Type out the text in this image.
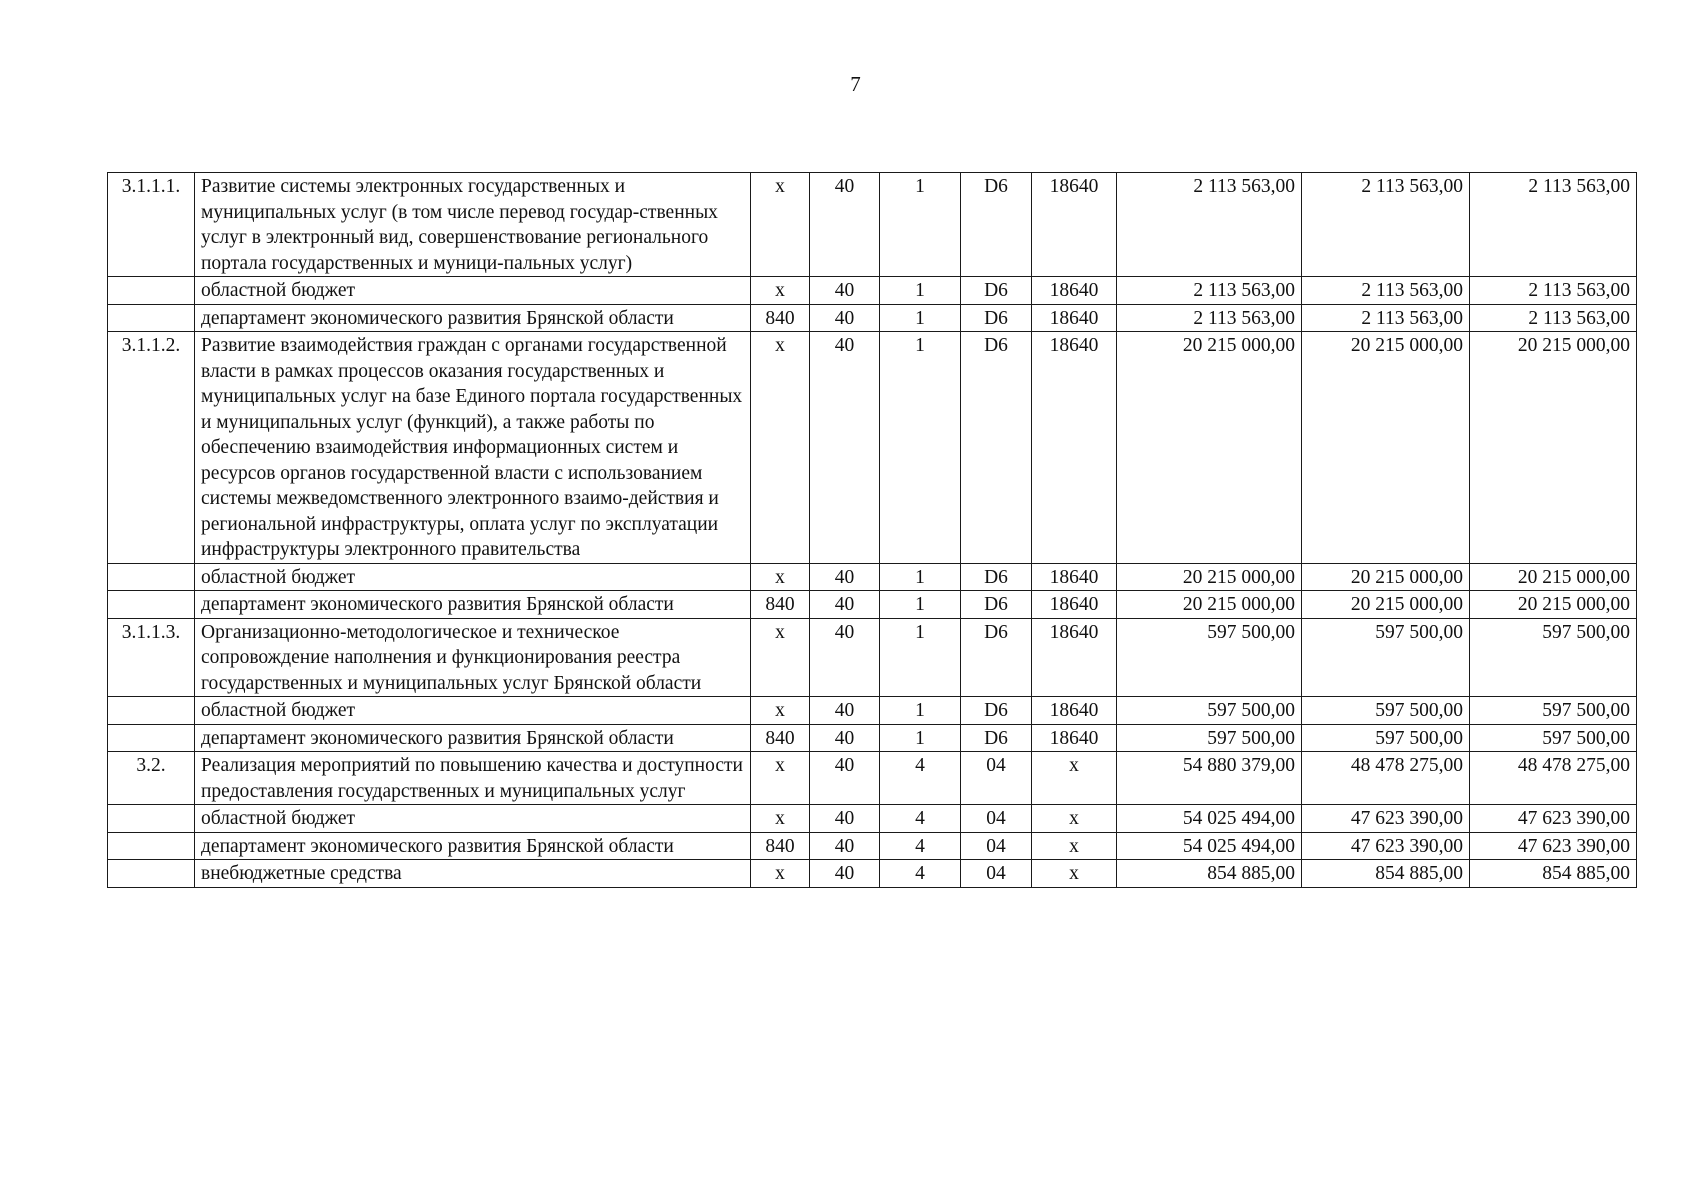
7
3.1.1.1.	Развитие системы электронных государственных и муниципальных услуг (в том числе перевод государ-ственных услуг в электронный вид, совершенствование регионального портала государственных и муници-пальных услуг)	х	40	1	D6	18640	2 113 563,00	2 113 563,00	2 113 563,00
	областной бюджет	х	40	1	D6	18640	2 113 563,00	2 113 563,00	2 113 563,00
	департамент экономического развития Брянской области	840	40	1	D6	18640	2 113 563,00	2 113 563,00	2 113 563,00
3.1.1.2.	Развитие взаимодействия граждан с органами государственной власти в рамках процессов оказания государственных и муниципальных услуг на базе Единого портала государственных и муниципальных услуг (функций), а также работы по обеспечению взаимодействия информационных систем и ресурсов органов государственной власти с использованием системы межведомственного электронного взаимо-действия и региональной инфраструктуры, оплата услуг по эксплуатации инфраструктуры электронного правительства	х	40	1	D6	18640	20 215 000,00	20 215 000,00	20 215 000,00
	областной бюджет	х	40	1	D6	18640	20 215 000,00	20 215 000,00	20 215 000,00
	департамент экономического развития Брянской области	840	40	1	D6	18640	20 215 000,00	20 215 000,00	20 215 000,00
3.1.1.3.	Организационно-методологическое и техническое сопровождение наполнения и функционирования реестра государственных и муниципальных услуг Брянской области	х	40	1	D6	18640	597 500,00	597 500,00	597 500,00
	областной бюджет	х	40	1	D6	18640	597 500,00	597 500,00	597 500,00
	департамент экономического развития Брянской области	840	40	1	D6	18640	597 500,00	597 500,00	597 500,00
3.2.	Реализация мероприятий по повышению качества и доступности предоставления государственных и муниципальных услуг	х	40	4	04	х	54 880 379,00	48 478 275,00	48 478 275,00
	областной бюджет	х	40	4	04	х	54 025 494,00	47 623 390,00	47 623 390,00
	департамент экономического развития Брянской области	840	40	4	04	х	54 025 494,00	47 623 390,00	47 623 390,00
	внебюджетные средства	х	40	4	04	х	854 885,00	854 885,00	854 885,00
